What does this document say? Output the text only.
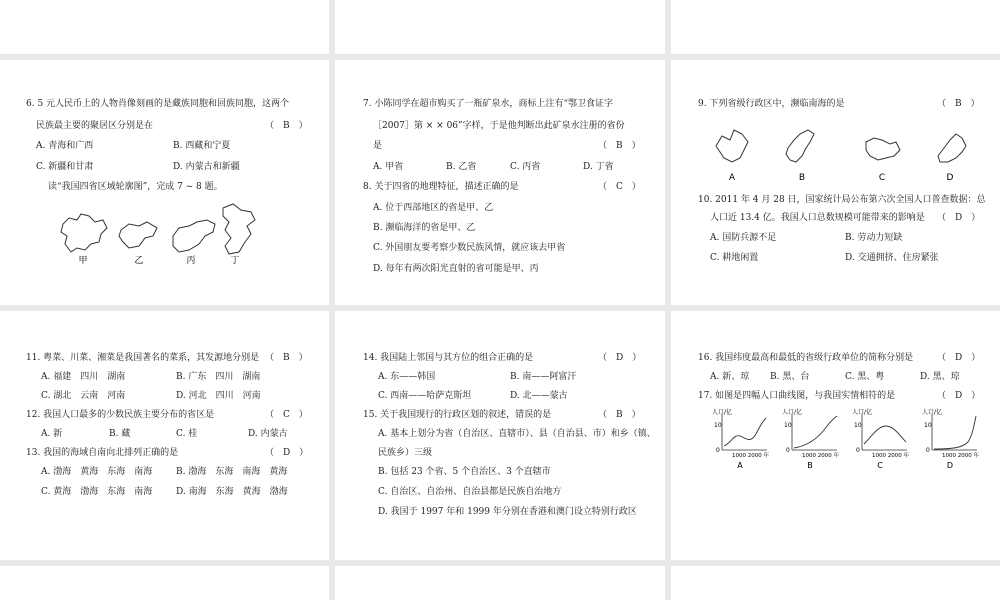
6. 5 元人民币上的人物肖像刻画的是藏族同胞和回族同胞，这两个
民族最主要的聚居区分别是在	（　B　）
A. 青海和广西	B. 西藏和宁夏
C. 新疆和甘肃	D. 内蒙古和新疆
读“我国四省区域轮廓图”，完成 7 ~ 8 题。
甲	乙	丙	丁
7. 小陈同学在超市购买了一瓶矿泉水，商标上注有“鄂卫食证字
［2007］第 × × 06”字样，于是他判断出此矿泉水注册的省份
是	（　B　）
A. 甲省	B. 乙省	C. 丙省	D. 丁省
8. 关于四省的地理特征，描述正确的是	（　C　）
A. 位于西部地区的省是甲、乙
B. 濒临海洋的省是甲、乙
C. 外国朋友要考察少数民族风情，就应该去甲省
D. 每年有两次阳光直射的省可能是甲、丙
9. 下列省级行政区中，濒临南海的是	（　B　）
A	B	C	D
10. 2011 年 4 月 28 日，国家统计局公布第六次全国人口普查数据：总
人口近 13.4 亿。我国人口总数规模可能带来的影响是 （　D　）
A. 国防兵源不足	B. 劳动力短缺
C. 耕地闲置	D. 交通拥挤、住房紧张
11. 粤菜、川菜、湘菜是我国著名的菜系，其发源地分别是 （　B　）
A. 福建　四川　湖南	B. 广东　四川　湖南
C. 湖北　云南　河南	D. 河北　四川　河南
12. 我国人口最多的少数民族主要分布的省区是	（　C　）
A. 新	B. 藏	C. 桂	D. 内蒙古
13. 我国的海域自南向北排列正确的是	（　D　）
A. 渤海　黄海　东海　南海	B. 渤海　东海　南海　黄海
C. 黄海　渤海　东海　南海	D. 南海　东海　黄海　渤海
14. 我国陆上邻国与其方位的组合正确的是	（　D　）
A. 东——韩国	B. 南——阿富汗
C. 西南——哈萨克斯坦	D. 北——蒙古
15. 关于我国现行的行政区划的叙述，错误的是	（　B　）
A. 基本上划分为省（自治区、直辖市）、县（自治县、市）和乡（镇、
民族乡）三级
B. 包括 23 个省、5 个自治区、3 个直辖市
C. 自治区、自治州、自治县都是民族自治地方
D. 我国于 1997 年和 1999 年分别在香港和澳门设立特别行政区
16. 我国纬度最高和最低的省级行政单位的简称分别是	（　D　）
A. 新、琼 B. 黑、台	C. 黑、粤	D. 黑、琼
17. 如图是四幅人口曲线图，与我国实情相符的是	（　D　）
人口/亿
10
0
1000 2000 年
A
人口/亿
10
0
1000 2000 年
B
人口/亿
10
0
1000 2000 年
C
人口/亿
10
0
1000 2000 年
D
